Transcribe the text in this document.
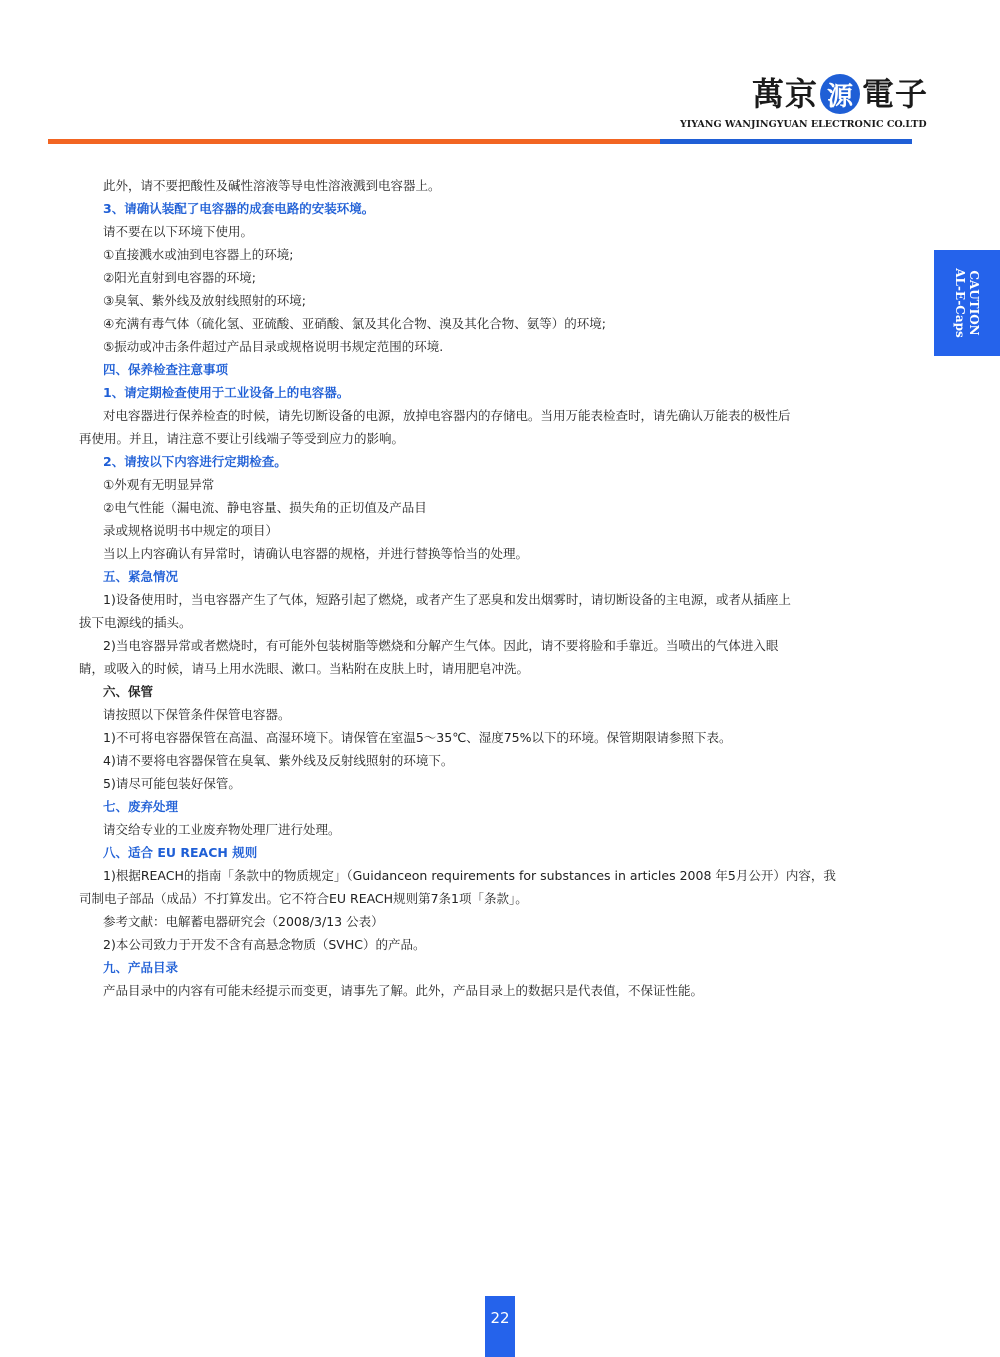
萬京 源 電子
YIYANG WANJINGYUAN ELECTRONIC CO.LTD
CAUTION
AL-E-Caps
此外，请不要把酸性及碱性溶液等导电性溶液溅到电容器上。
3、请确认装配了电容器的成套电路的安装环境。
请不要在以下环境下使用。
①直接溅水或油到电容器上的环境;
②阳光直射到电容器的环境;
③臭氧、紫外线及放射线照射的环境;
④充满有毒气体（硫化氢、亚硫酸、亚硝酸、氯及其化合物、溴及其化合物、氨等）的环境;
⑤振动或冲击条件超过产品目录或规格说明书规定范围的环境.
四、保养检查注意事项
1、请定期检查使用于工业设备上的电容器。
对电容器进行保养检查的时候，请先切断设备的电源，放掉电容器内的存储电。当用万能表检查时，请先确认万能表的极性后
再使用。并且，请注意不要让引线端子等受到应力的影响。
2、请按以下内容进行定期检查。
①外观有无明显异常
②电气性能（漏电流、静电容量、损失角的正切值及产品目
录或规格说明书中规定的项目）
当以上内容确认有异常时，请确认电容器的规格，并进行替换等恰当的处理。
五、紧急情况
1)设备使用时，当电容器产生了气体，短路引起了燃烧，或者产生了恶臭和发出烟雾时，请切断设备的主电源，或者从插座上
拔下电源线的插头。
2)当电容器异常或者燃烧时，有可能外包装树脂等燃烧和分解产生气体。因此，请不要将脸和手靠近。当喷出的气体进入眼
睛，或吸入的时候，请马上用水洗眼、漱口。当粘附在皮肤上时，请用肥皂冲洗。
六、保管
请按照以下保管条件保管电容器。
1)不可将电容器保管在高温、高湿环境下。请保管在室温5～35℃、湿度75%以下的环境。保管期限请参照下表。
4)请不要将电容器保管在臭氧、紫外线及反射线照射的环境下。
5)请尽可能包装好保管。
七、废弃处理
请交给专业的工业废弃物处理厂进行处理。
八、适合 EU REACH 规则
1)根据REACH的指南「条款中的物质规定」（Guidanceon requirements for substances in articles 2008 年5月公开）内容，我
司制电子部品（成品）不打算发出。它不符合EU REACH规则第7条1项「条款」。
参考文献：电解蓄电器研究会（2008/3/13 公表）
2)本公司致力于开发不含有高悬念物质（SVHC）的产品。
九、产品目录
产品目录中的内容有可能未经提示而变更，请事先了解。此外，产品目录上的数据只是代表值，不保证性能。
22
